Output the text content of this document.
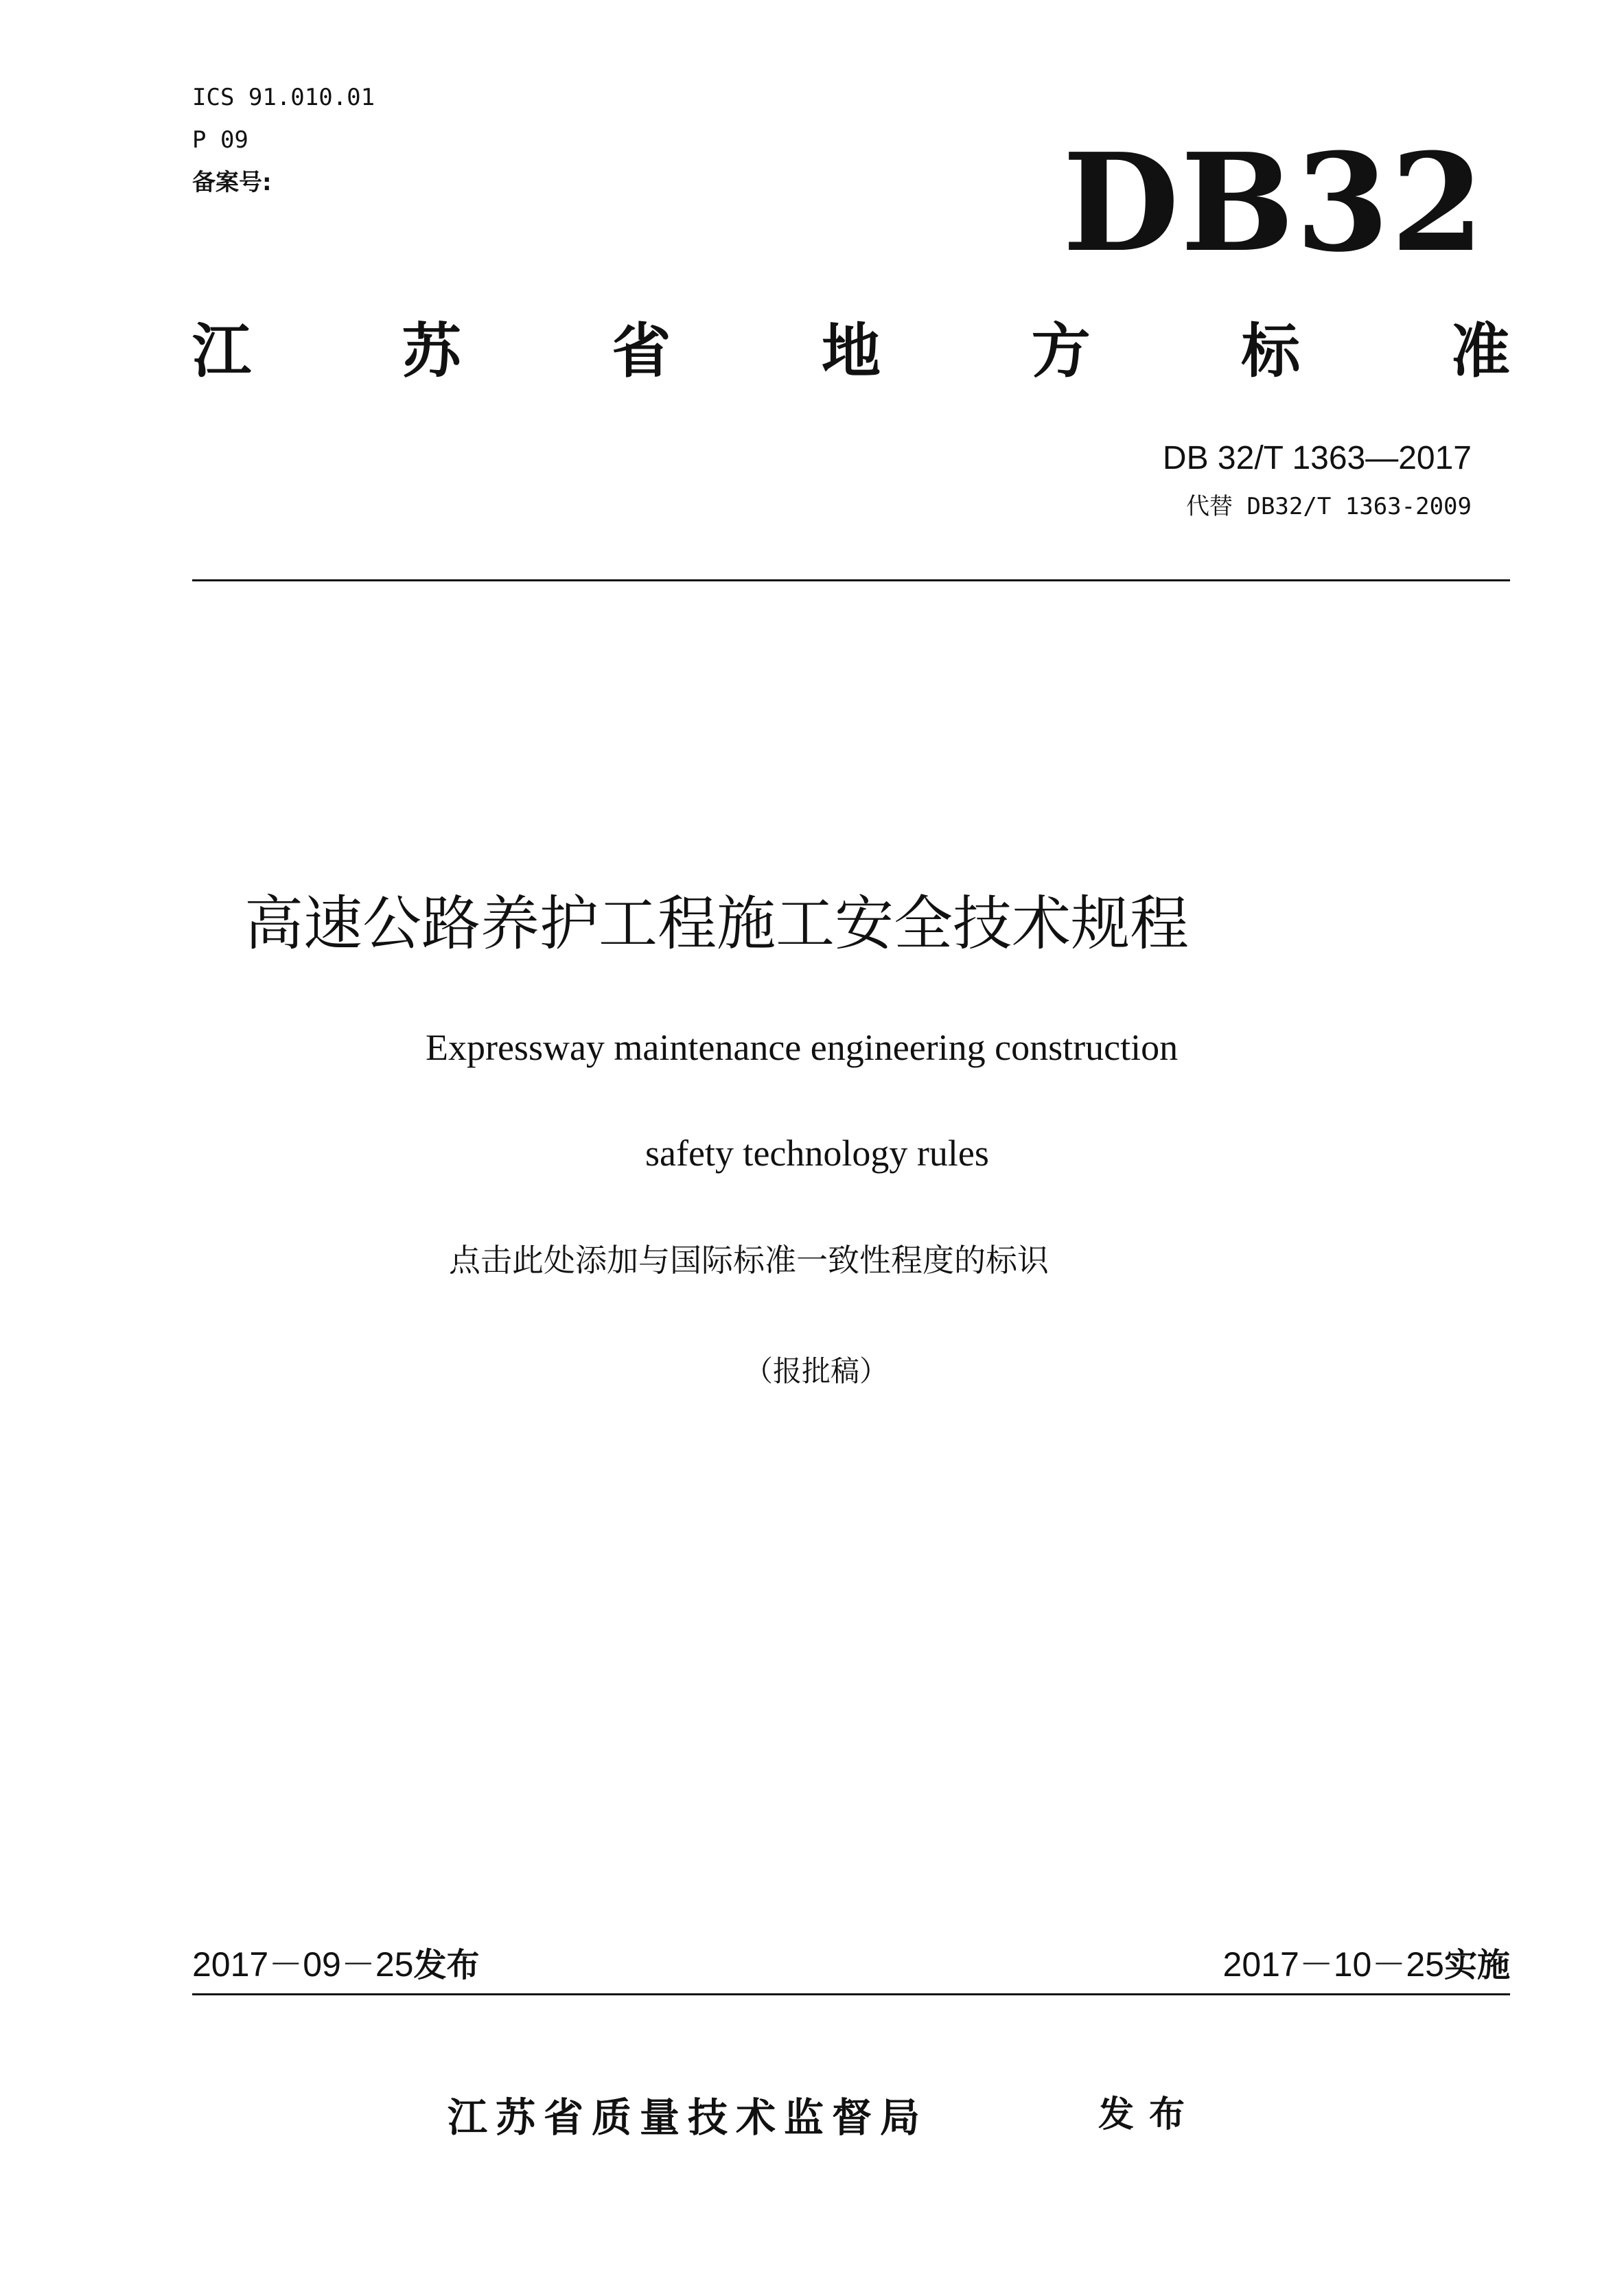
ICS 91.010.01
P 09
备案号:	DB32
江	苏	省	地	方	标	准
DB 32/T 1363—2017
代替 DB32/T 1363-2009
高速公路养护工程施工安全技术规程
Expressway maintenance engineering construction
safety technology rules
点击此处添加与国际标准一致性程度的标识
（报批稿）
2017－09－25发布	2017－10－25实施
江苏省质量技术监督局	发布
